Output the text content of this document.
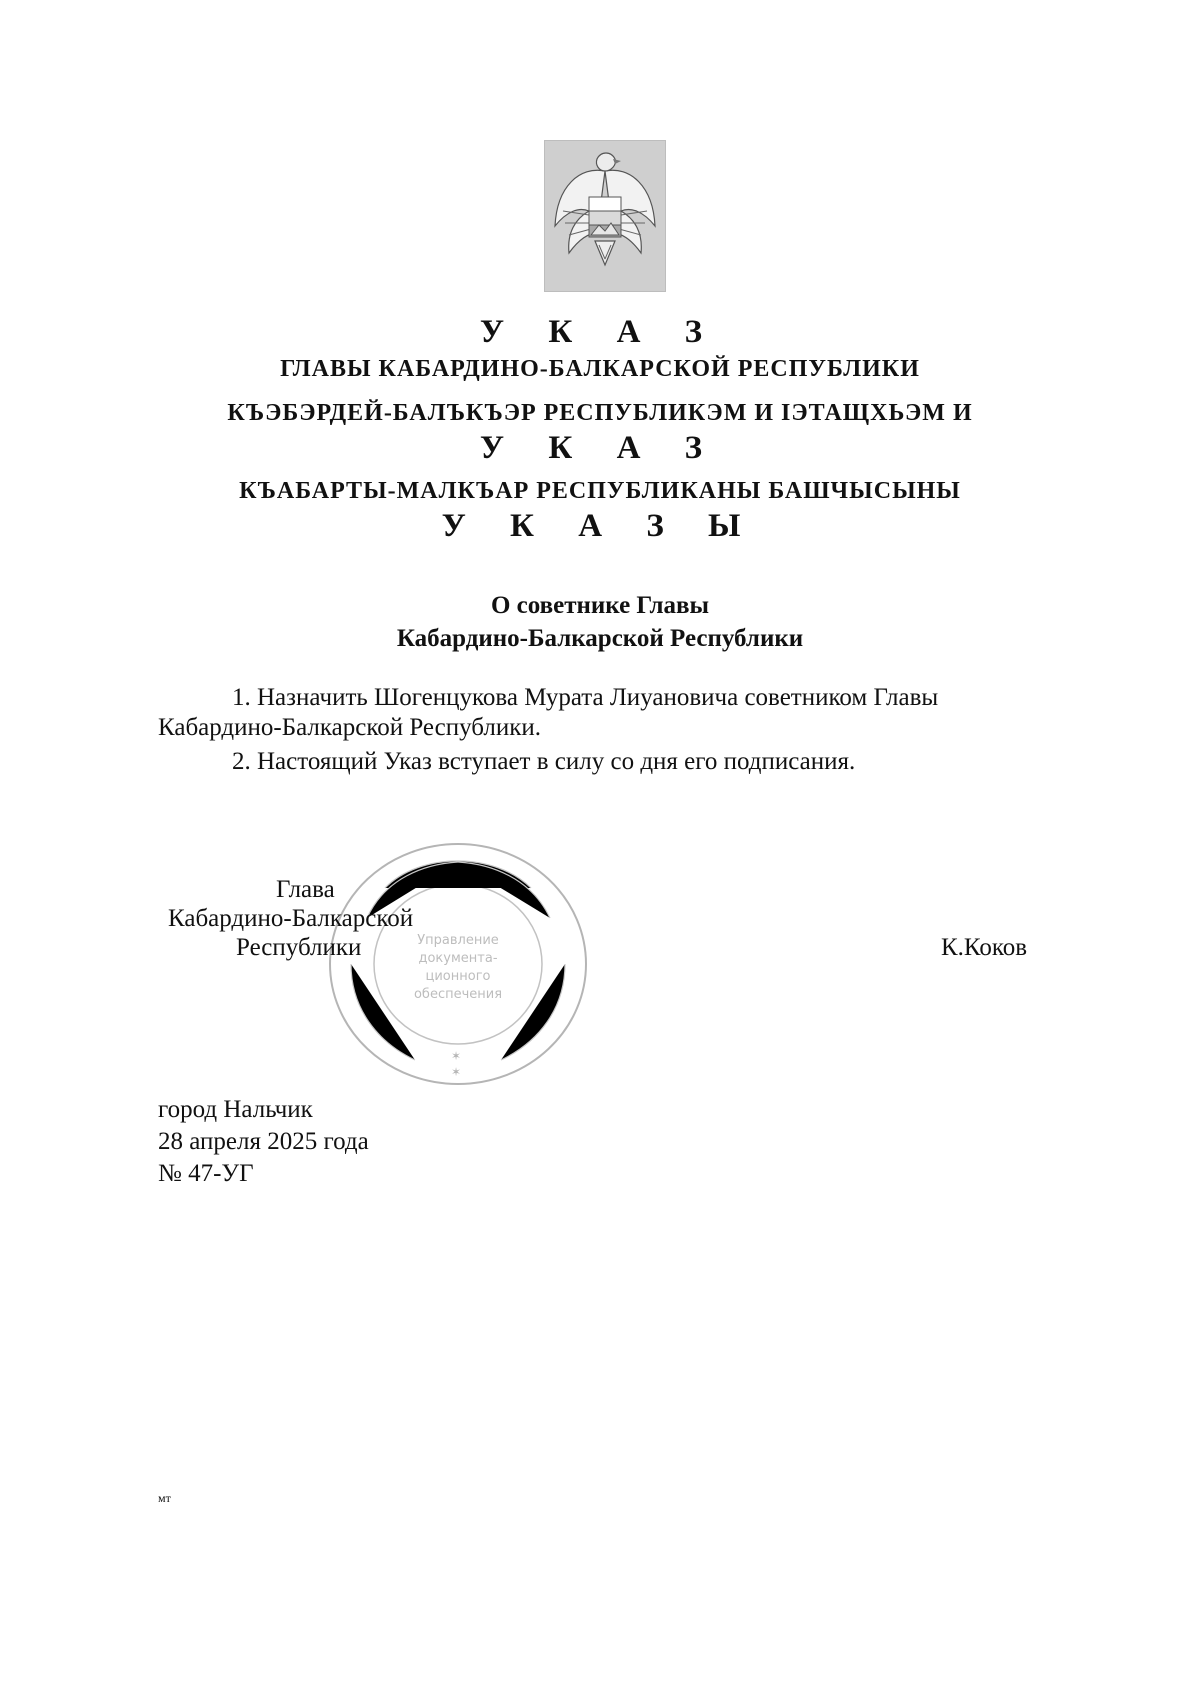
У К А З
ГЛАВЫ КАБАРДИНО-БАЛКАРСКОЙ РЕСПУБЛИКИ
КЪЭБЭРДЕЙ-БАЛЪКЪЭР РЕСПУБЛИКЭМ И IЭТАЩХЬЭМ И
У К А З
КЪАБАРТЫ-МАЛКЪАР РЕСПУБЛИКАНЫ БАШЧЫСЫНЫ
У К А З Ы
О советнике Главы
Кабардино-Балкарской Республики
1. Назначить Шогенцукова Мурата Лиуановича советником Главы
Кабардино-Балкарской Республики.
2. Настоящий Указ вступает в силу со дня его подписания.
Управление
документа-
ционного
обеспечения
✶
✶
Глава
Кабардино-Балкарской
Республики	К.Коков
город Нальчик
28 апреля 2025 года
№ 47-УГ
мт
